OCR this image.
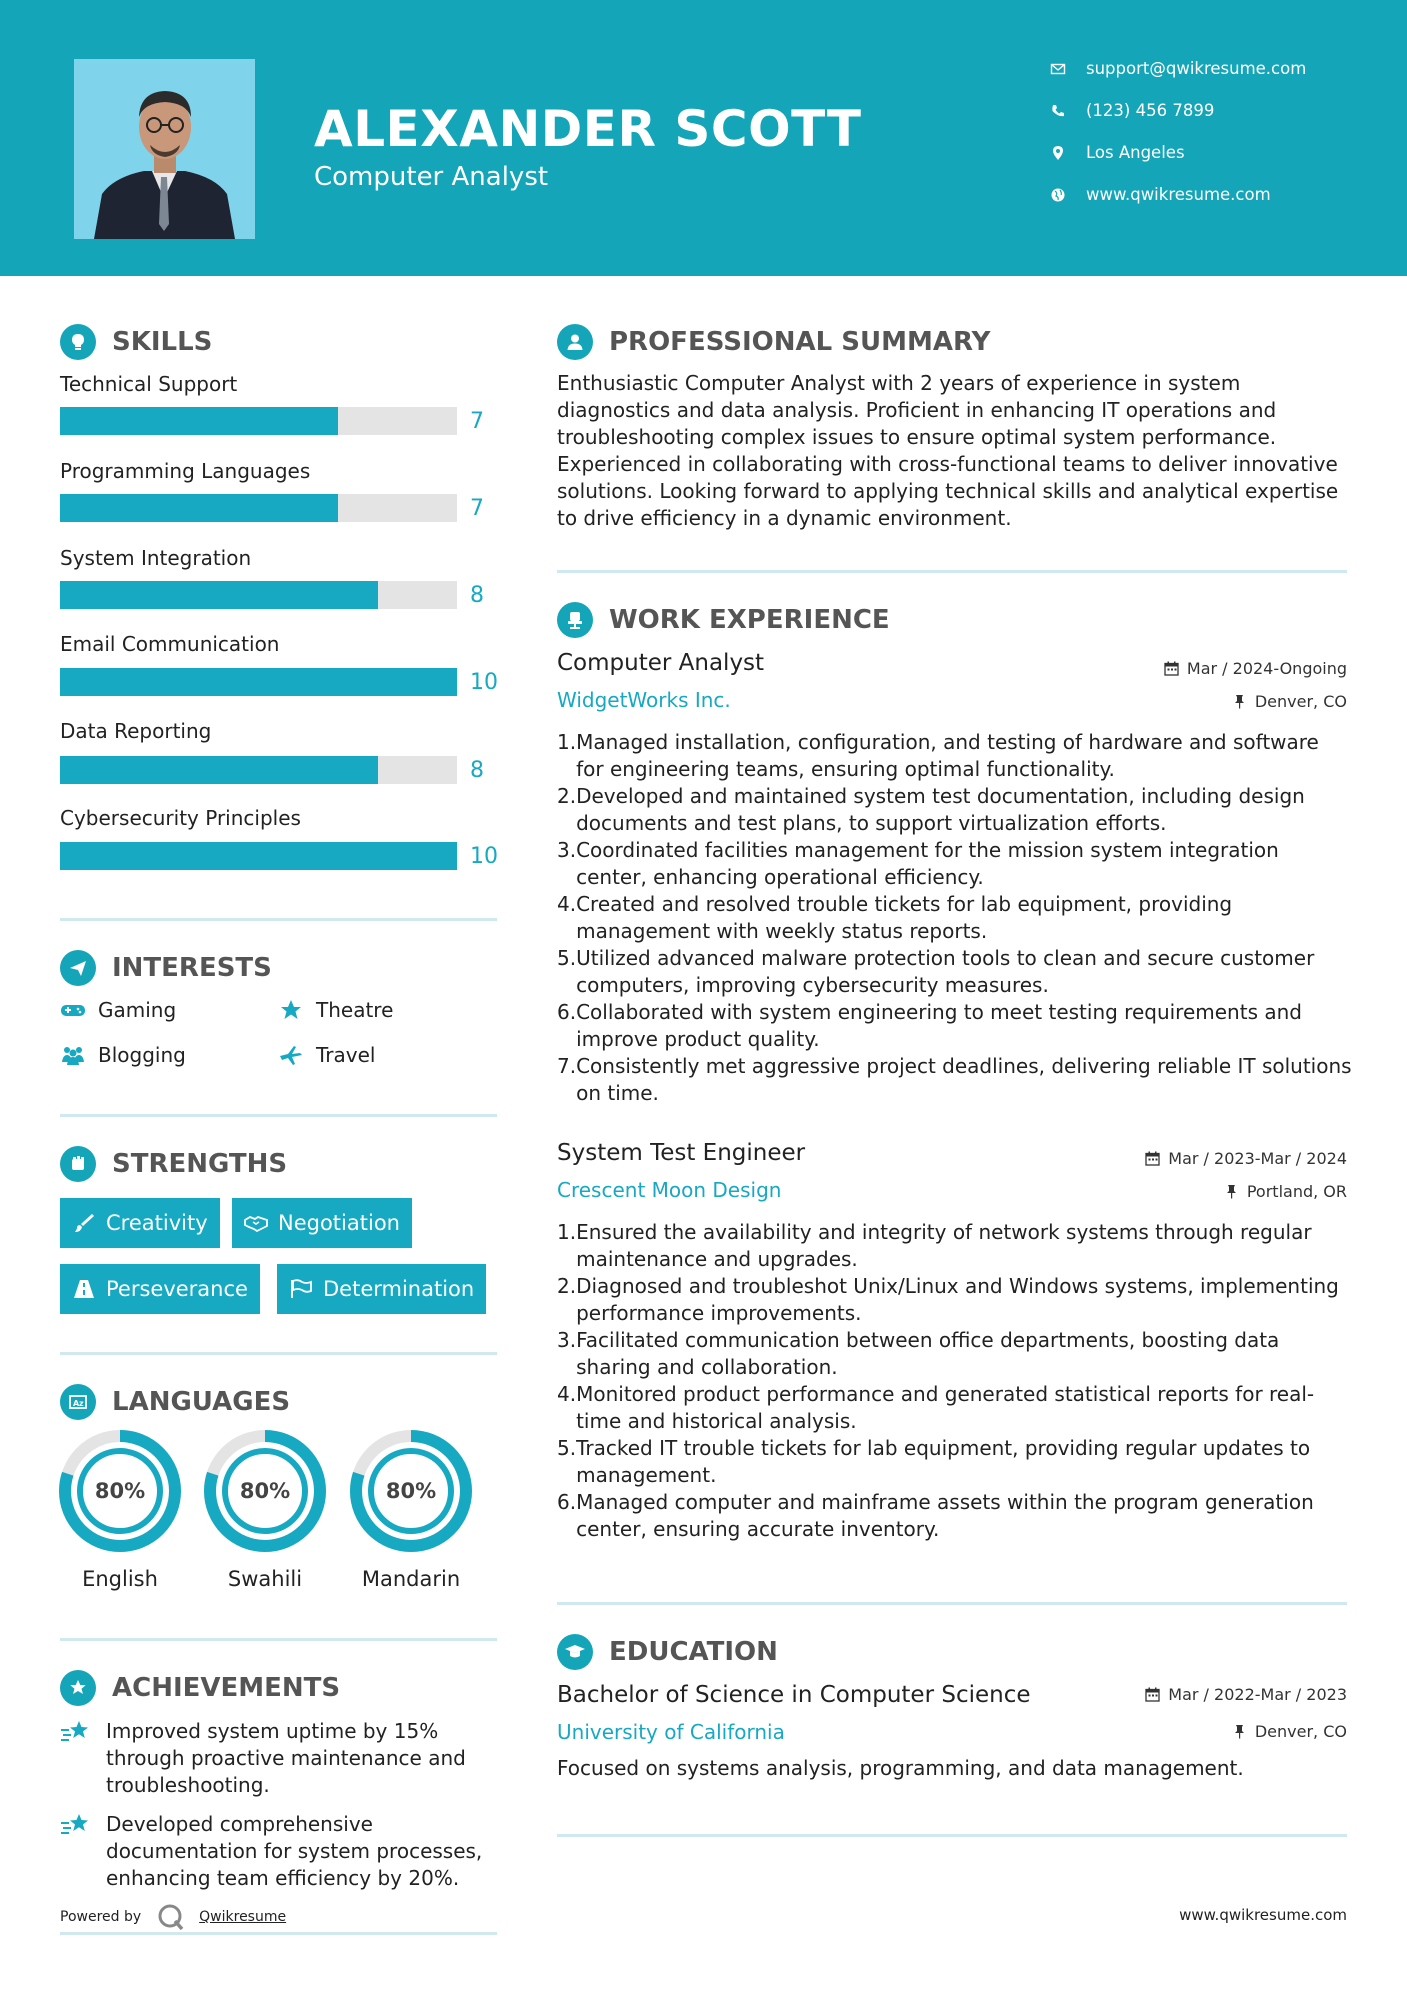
ALEXANDER SCOTT
Computer Analyst
support@qwikresume.com
(123) 456 7899
Los Angeles
www.qwikresume.com
SKILLS
Technical Support
7
Programming Languages
7
System Integration
8
Email Communication
10
Data Reporting
8
Cybersecurity Principles
10
INTERESTS
Gaming	Theatre
Blogging	Travel
STRENGTHS
Creativity	Negotiation
Perseverance	Determination
A z LANGUAGES
80%
English
80%
Swahili
80%
Mandarin
ACHIEVEMENTS
Improved system uptime by 15% through proactive maintenance and troubleshooting.
Developed comprehensive documentation for system processes, enhancing team efficiency by 20%.
PROFESSIONAL SUMMARY
Enthusiastic Computer Analyst with 2 years of experience in system diagnostics and data analysis. Proficient in enhancing IT operations and troubleshooting complex issues to ensure optimal system performance. Experienced in collaborating with cross-functional teams to deliver innovative solutions. Looking forward to applying technical skills and analytical expertise to drive efficiency in a dynamic environment.
WORK EXPERIENCE
Computer Analyst	Mar / 2024-Ongoing
WidgetWorks Inc.	Denver, CO
1. Managed installation, configuration, and testing of hardware and software for engineering teams, ensuring optimal functionality.
2. Developed and maintained system test documentation, including design documents and test plans, to support virtualization efforts.
3. Coordinated facilities management for the mission system integration center, enhancing operational efficiency.
4. Created and resolved trouble tickets for lab equipment, providing management with weekly status reports.
5. Utilized advanced malware protection tools to clean and secure customer computers, improving cybersecurity measures.
6. Collaborated with system engineering to meet testing requirements and improve product quality.
7. Consistently met aggressive project deadlines, delivering reliable IT solutions on time.
System Test Engineer	Mar / 2023-Mar / 2024
Crescent Moon Design	Portland, OR
1. Ensured the availability and integrity of network systems through regular maintenance and upgrades.
2. Diagnosed and troubleshot Unix/Linux and Windows systems, implementing performance improvements.
3. Facilitated communication between office departments, boosting data sharing and collaboration.
4. Monitored product performance and generated statistical reports for real-time and historical analysis.
5. Tracked IT trouble tickets for lab equipment, providing regular updates to management.
6. Managed computer and mainframe assets within the program generation center, ensuring accurate inventory.
EDUCATION
Bachelor of Science in Computer Science	Mar / 2022-Mar / 2023
University of California	Denver, CO
Focused on systems analysis, programming, and data management.
Powered by	Qwikresume	www.qwikresume.com
